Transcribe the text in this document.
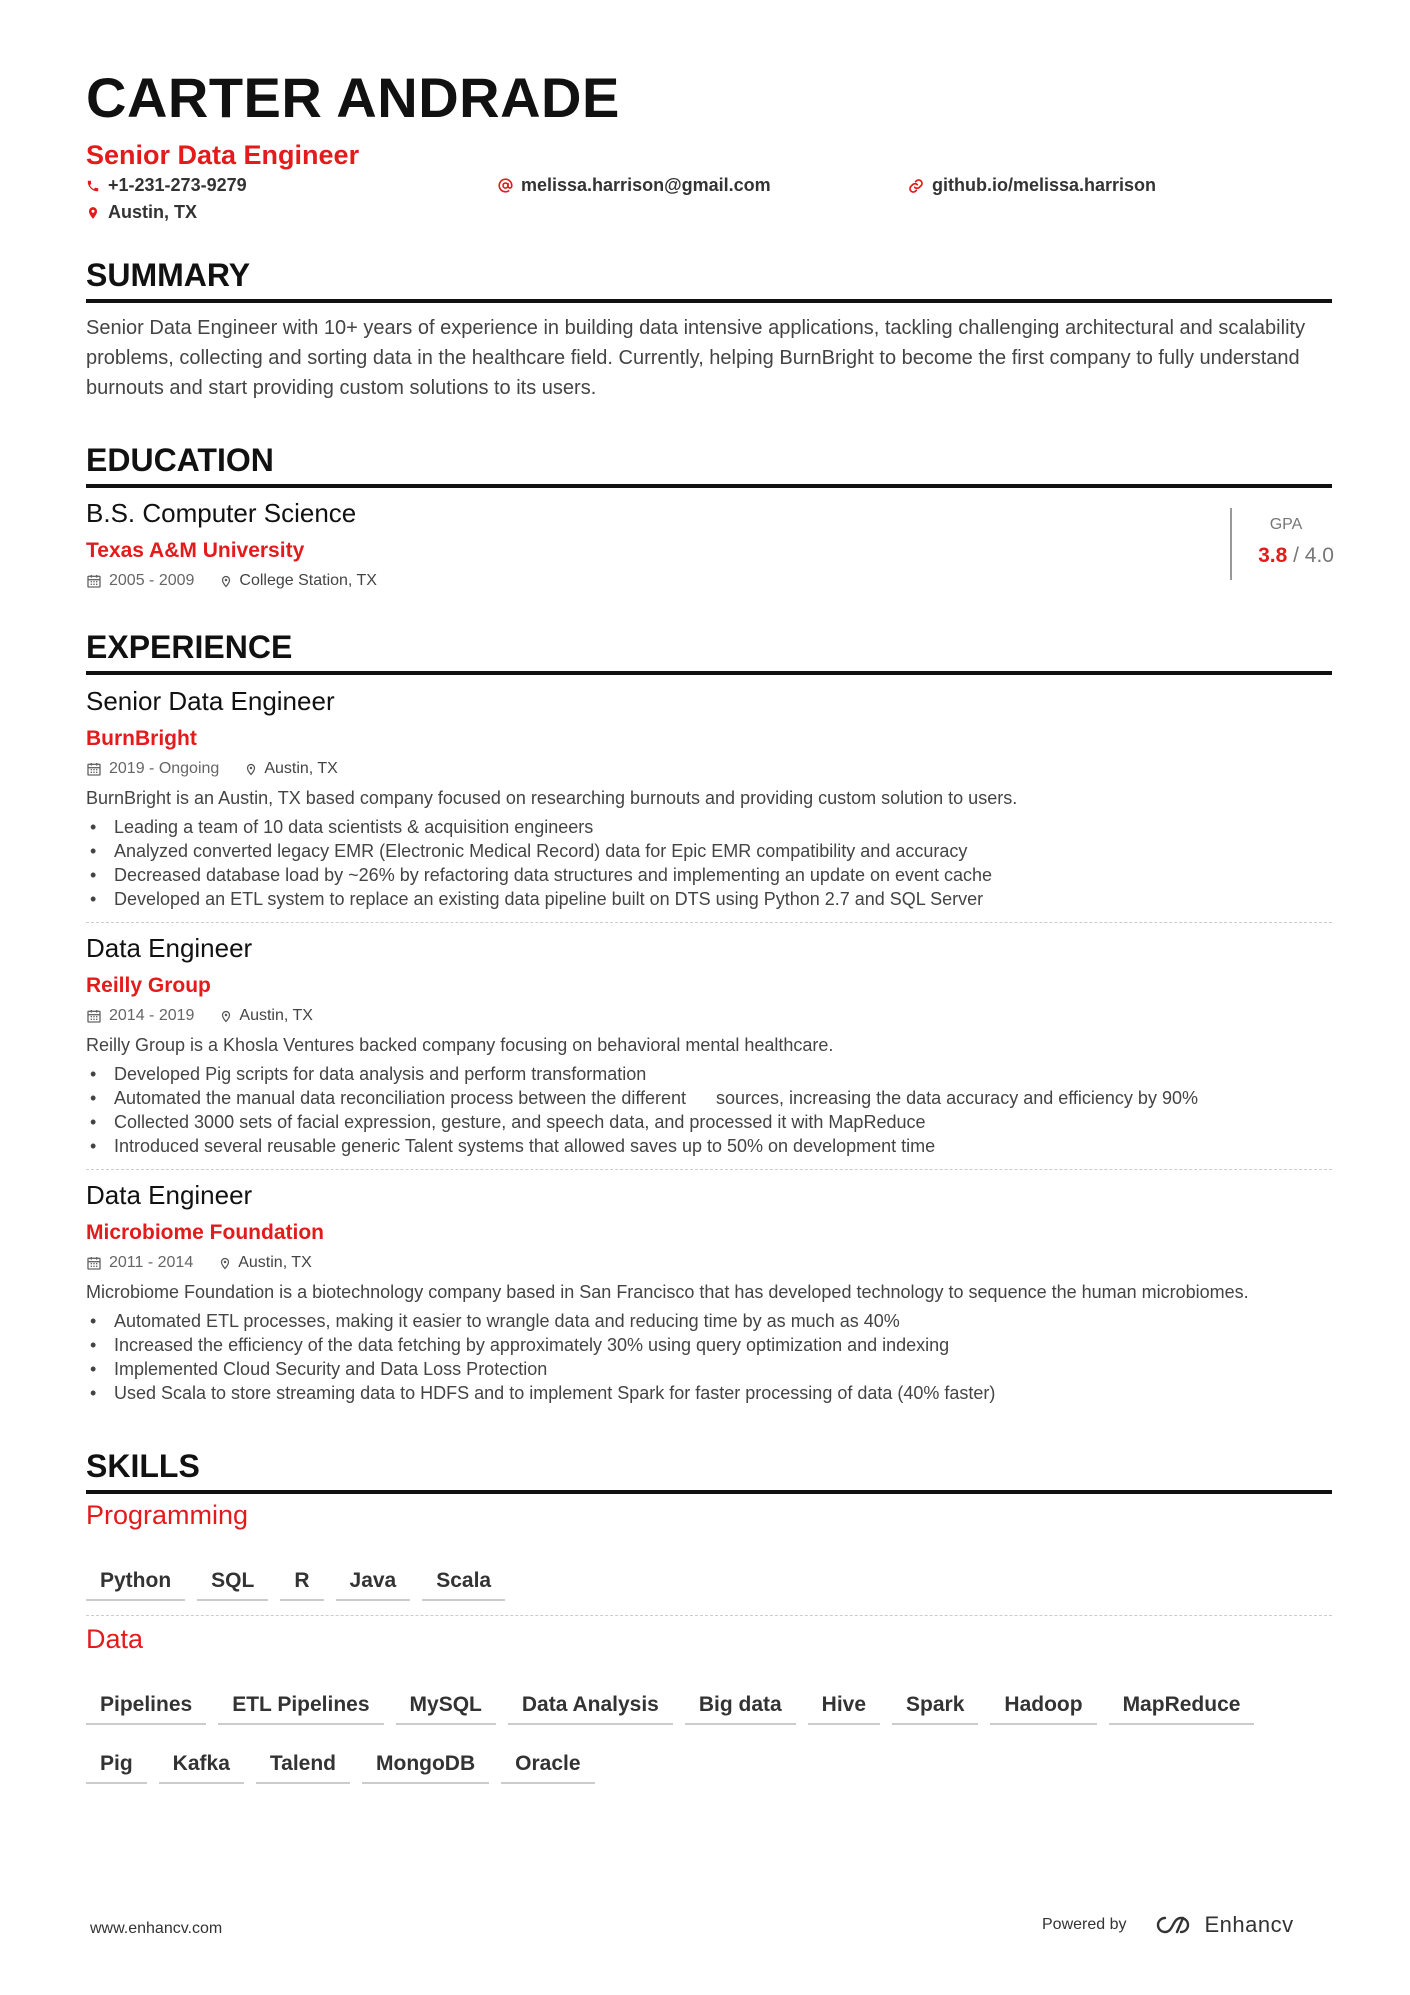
CARTER ANDRADE
Senior Data Engineer
+1-231-273-9279	melissa.harrison@gmail.com	github.io/melissa.harrison
Austin, TX
SUMMARY
Senior Data Engineer with 10+ years of experience in building data intensive applications, tackling challenging architectural and scalability problems, collecting and sorting data in the healthcare field. Currently, helping BurnBright to become the first company to fully understand burnouts and start providing custom solutions to its users.
EDUCATION
B.S. Computer Science
Texas A&M University
2005 - 2009	College Station, TX
GPA
3.8 / 4.0
EXPERIENCE
Senior Data Engineer
BurnBright
2019 - Ongoing	Austin, TX
BurnBright is an Austin, TX based company focused on researching burnouts and providing custom solution to users.
• Leading a team of 10 data scientists & acquisition engineers
• Analyzed converted legacy EMR (Electronic Medical Record) data for Epic EMR compatibility and accuracy
• Decreased database load by ~26% by refactoring data structures and implementing an update on event cache
• Developed an ETL system to replace an existing data pipeline built on DTS using Python 2.7 and SQL Server
Data Engineer
Reilly Group
2014 - 2019	Austin, TX
Reilly Group is a Khosla Ventures backed company focusing on behavioral mental healthcare.
• Developed Pig scripts for data analysis and perform transformation
• Automated the manual data reconciliation process between the different      sources, increasing the data accuracy and efficiency by 90%
• Collected 3000 sets of facial expression, gesture, and speech data, and processed it with MapReduce
• Introduced several reusable generic Talent systems that allowed saves up to 50% on development time
Data Engineer
Microbiome Foundation
2011 - 2014	Austin, TX
Microbiome Foundation is a biotechnology company based in San Francisco that has developed technology to sequence the human microbiomes.
• Automated ETL processes, making it easier to wrangle data and reducing time by as much as 40%
• Increased the efficiency of the data fetching by approximately 30% using query optimization and indexing
• Implemented Cloud Security and Data Loss Protection
• Used Scala to store streaming data to HDFS and to implement Spark for faster processing of data (40% faster)
SKILLS
Programming
Python	SQL	R	Java	Scala
Data
Pipelines	ETL Pipelines	MySQL	Data Analysis	Big data	Hive	Spark	Hadoop	MapReduce
Pig	Kafka	Talend	MongoDB	Oracle
www.enhancv.com	Powered by	Enhancv
